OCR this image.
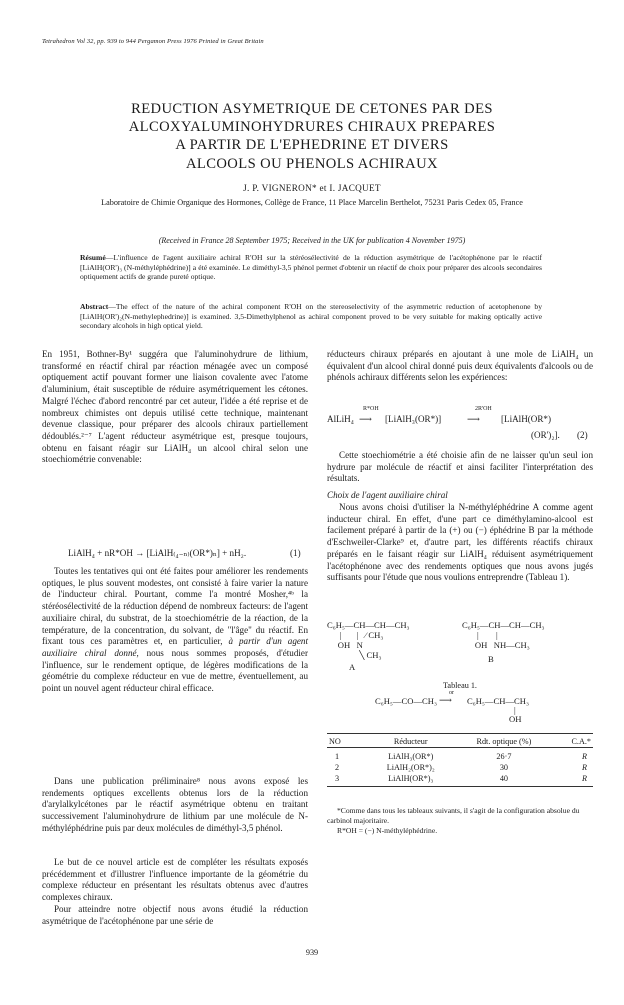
Tetrahedron Vol 32, pp. 939 to 944 Pergamon Press 1976 Printed in Great Britain
REDUCTION ASYMETRIQUE DE CETONES PAR DES
ALCOXYALUMINOHYDRURES CHIRAUX PREPARES
A PARTIR DE L'EPHEDRINE ET DIVERS
ALCOOLS OU PHENOLS ACHIRAUX
J. P. VIGNERON* et I. JACQUET
Laboratoire de Chimie Organique des Hormones, Collège de France, 11 Place Marcelin Berthelot, 75231 Paris Cedex 05, France
(Received in France 28 September 1975; Received in the UK for publication 4 November 1975)
Résumé—L'influence de l'agent auxiliaire achiral R'OH sur la stéréosélectivité de la réduction asymétrique de l'acétophénone par le réactif [LiAlH(OR')₃ (N-méthyléphédrine)] a été examinée. Le diméthyl-3,5 phénol permet d'obtenir un réactif de choix pour préparer des alcools secondaires optiquement actifs de grande pureté optique.
Abstract—The effect of the nature of the achiral component R'OH on the stereoselectivity of the asymmetric reduction of acetophenone by [LiAlH(OR')₂(N-methylephedrine)] is examined. 3,5-Dimethylphenol as achiral component proved to be very suitable for making optically active secondary alcohols in high optical yield.
En 1951, Bothner-By¹ suggéra que l'aluminohydrure de lithium, transformé en réactif chiral par réaction ménagée avec un composé optiquement actif pouvant former une liaison covalente avec l'atome d'aluminium, était susceptible de réduire asymétriquement les cétones. Malgré l'échec d'abord rencontré par cet auteur, l'idée a été reprise et de nombreux chimistes ont depuis utilisé cette technique, maintenant devenue classique, pour préparer des alcools chiraux partiellement dédoublés.²⁻⁷ L'agent réducteur asymétrique est, presque toujours, obtenu en faisant réagir sur LiAlH₄ un alcool chiral selon une stoechiométrie convenable:
LiAlH₄ + nR*OH → [LiAlH₍₄₋ₙ₎(OR*)ₙ] + nH₂.	(1)
Toutes les tentatives qui ont été faites pour améliorer les rendements optiques, le plus souvent modestes, ont consisté à faire varier la nature de l'inducteur chiral. Pourtant, comme l'a montré Mosher,⁴ᵇ la stéréosélectivité de la réduction dépend de nombreux facteurs: de l'agent auxiliaire chiral, du substrat, de la stoechiométrie de la réaction, de la température, de la concentration, du solvant, de "l'âge" du réactif. En fixant tous ces paramètres et, en particulier, à partir d'un agent auxiliaire chiral donné, nous nous sommes proposés, d'étudier l'influence, sur le rendement optique, de légères modifications de la géométrie du complexe réducteur en vue de mettre, éventuellement, au point un nouvel agent réducteur chiral efficace.
Dans une publication préliminaire⁸ nous avons exposé les rendements optiques excellents obtenus lors de la réduction d'arylalkylcétones par le réactif asymétrique obtenu en traitant successivement l'aluminohydrure de lithium par une molécule de N-méthyléphédrine puis par deux molécules de diméthyl-3,5 phénol.
Le but de ce nouvel article est de compléter les résultats exposés précédemment et d'illustrer l'influence importante de la géométrie du complexe réducteur en présentant les résultats obtenus avec d'autres complexes chiraux.
Pour atteindre notre objectif nous avons étudié la réduction asymétrique de l'acétophénone par une série de
réducteurs chiraux préparés en ajoutant à une mole de LiAlH₄ un équivalent d'un alcool chiral donné puis deux équivalents d'alcools ou de phénols achiraux différents selon les expériences:
AlLiH₄
R*OH
⟶ [LiAlH₃(OR*)]
2R'OH
⟶ [LiAlH(OR*)
(OR')₂]. (2)
Cette stoechiométrie a été choisie afin de ne laisser qu'un seul ion hydrure par molécule de réactif et ainsi faciliter l'interprétation des résultats.
Choix de l'agent auxiliaire chiral
Nous avons choisi d'utiliser la N-méthyléphédrine A comme agent inducteur chiral. En effet, d'une part ce diméthylamino-alcool est facilement préparé à partir de la (+) ou (−) éphédrine B par la méthode d'Eschweiler-Clarke⁹ et, d'autre part, les différents réactifs chiraux préparés en le faisant réagir sur LiAlH₄ réduisent asymétriquement l'acétophénone avec des rendements optiques que nous avons jugés suffisants pour l'étude que nous voulions entreprendre (Tableau 1).
C₆H₅—CH—CH—CH₃
|       |   ⁄ CH₃
OH   N
╲ CH₃
A
C₆H₅—CH—CH—CH₃
|        |
OH   NH—CH₃
B
Tableau 1.
C₆H₅—CO—CH₃
or
⟶ C₆H₅—CH—CH₃
|
OH
NO	Réducteur	Rdt. optique (%)	C.A.*
1	LiAlH₃(OR*)	26·7	R
2	LiAlH₂(OR*)₂	30	R
3	LiAlH(OR*)₃	40	R

*Comme dans tous les tableaux suivants, il s'agit de la configuration absolue du carbinol majoritaire.
R*OH = (−) N-méthyléphédrine.
939
